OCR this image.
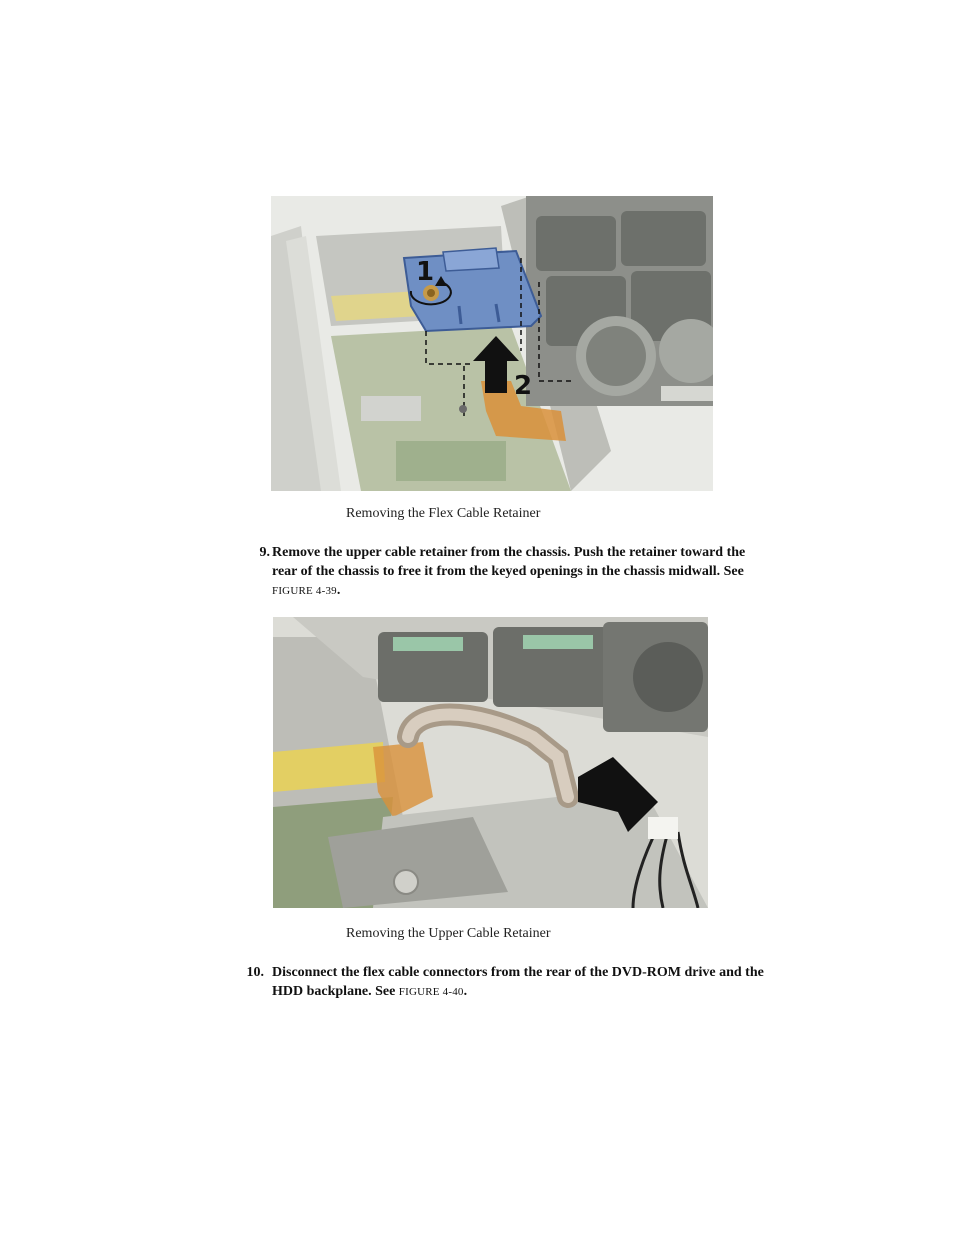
1
2
Removing the Flex Cable Retainer
9. Remove the upper cable retainer from the chassis. Push the retainer toward the
rear of the chassis to free it from the keyed openings in the chassis midwall. See
FIGURE 4-39.
Removing the Upper Cable Retainer
10. Disconnect the flex cable connectors from the rear of the DVD-ROM drive and the
HDD backplane. See FIGURE 4-40.
